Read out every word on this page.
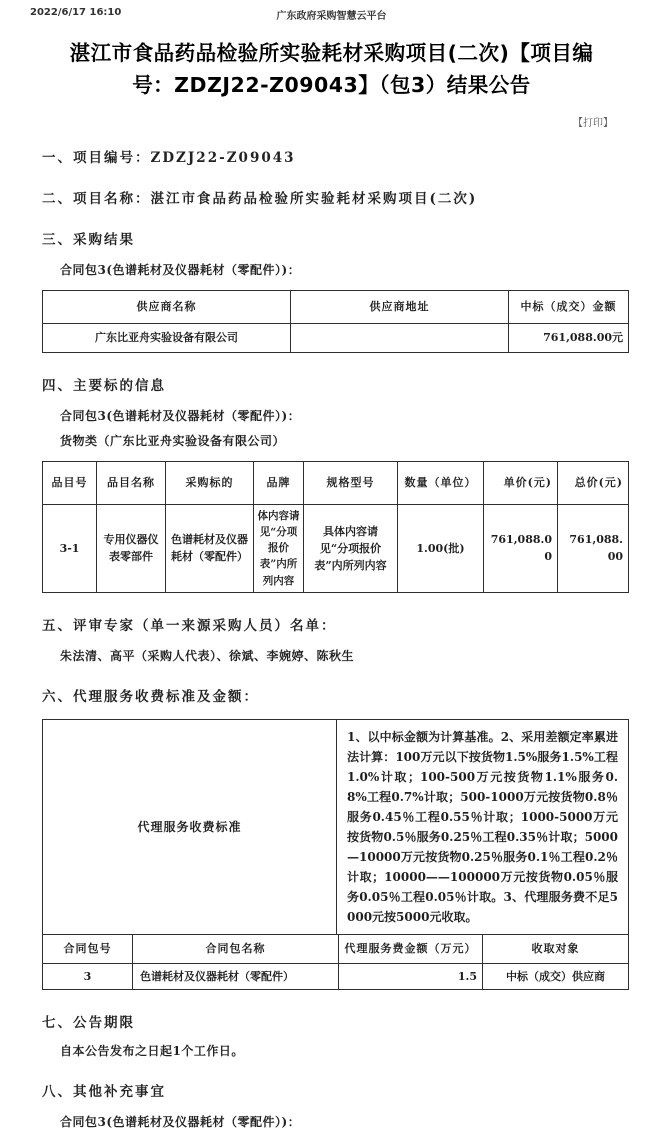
2022/6/17 16:10	广东政府采购智慧云平台
湛江市食品药品检验所实验耗材采购项目(二次)【项目编号：ZDZJ22-Z09043】（包3）结果公告
【打印】
一、项目编号：ZDZJ22-Z09043
二、项目名称：湛江市食品药品检验所实验耗材采购项目(二次)
三、采购结果
合同包3(色谱耗材及仪器耗材（零配件）)：
供应商名称	供应商地址	中标（成交）金额
广东比亚舟实验设备有限公司		761,088.00元
四、主要标的信息
合同包3(色谱耗材及仪器耗材（零配件）)：
货物类（广东比亚舟实验设备有限公司）
品目号	品目名称	采购标的	品牌	规格型号	数量（单位）	单价(元)	总价(元)
3-1	专用仪器仪表零部件	色谱耗材及仪器耗材（零配件）	体内容请见“分项报价表”内所列内容	具体内容请见“分项报价表”内所列内容	1.00(批)	761,088.00	761,088.00
五、评审专家（单一来源采购人员）名单：
朱法清、高平（采购人代表）、徐斌、李婉婷、陈秋生
六、代理服务收费标准及金额：
代理服务收费标准	1、以中标金额为计算基准。2、采用差额定率累进法计算：100万元以下按货物1.5%服务1.5%工程1.0%计取；100-500万元按货物1.1%服务0.8%工程0.7%计取；500-1000万元按货物0.8％服务0.45％工程0.55％计取；1000-5000万元按货物0.5％服务0.25％工程0.35％计取；5000—10000万元按货物0.25％服务0.1％工程0.2％计取；10000——100000万元按货物0.05％服务0.05％工程0.05％计取。3、代理服务费不足5000元按5000元收取。
合同包号	合同包名称	代理服务费金额（万元）	收取对象
3	色谱耗材及仪器耗材（零配件）	1.5	中标（成交）供应商
七、公告期限
自本公告发布之日起1个工作日。
八、其他补充事宜
合同包3(色谱耗材及仪器耗材（零配件）)：
